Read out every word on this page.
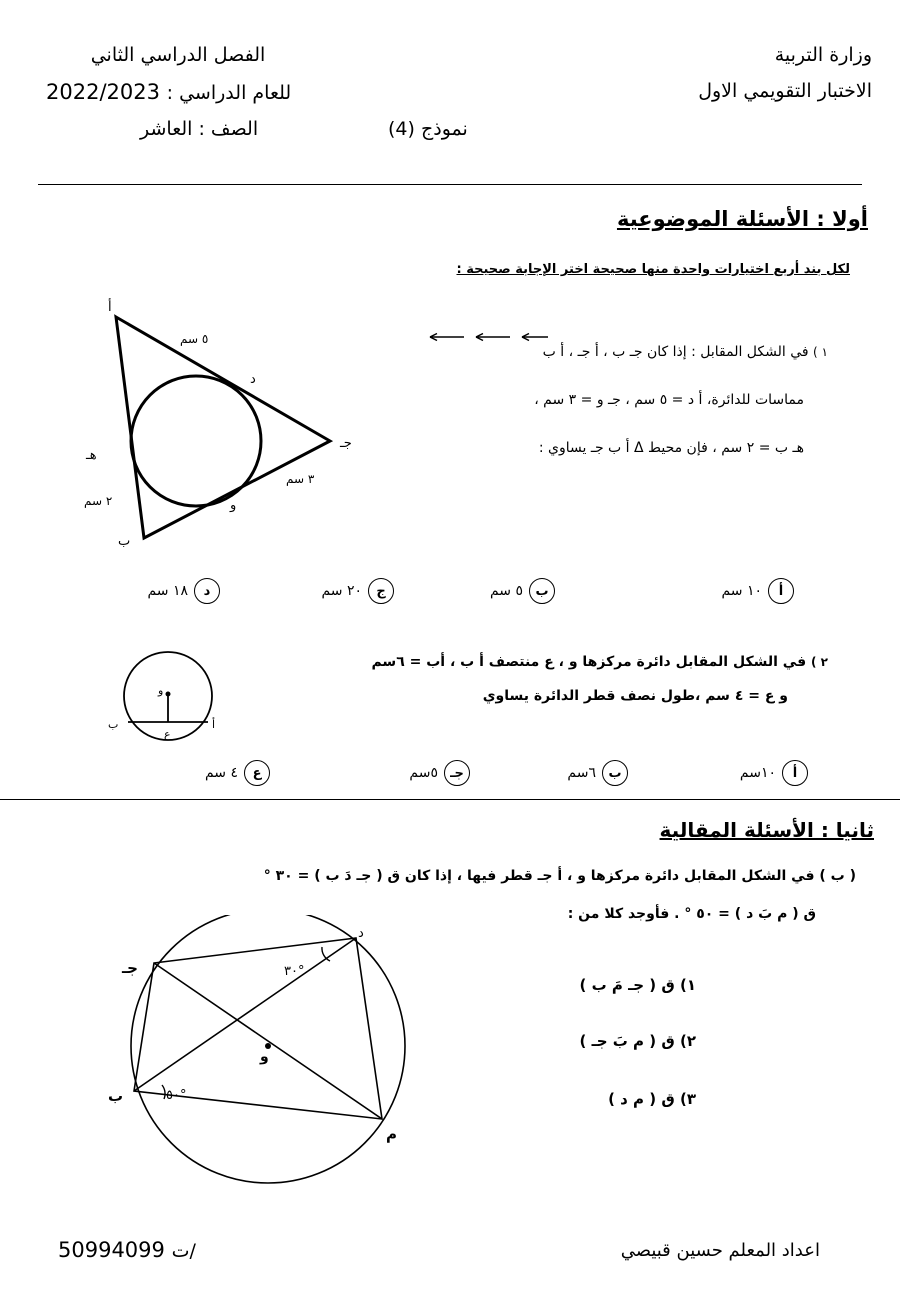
وزارة التربية
الاختبار التقويمي الاول
الفصل الدراسي الثاني
2022/2023 للعام الدراسي :
الصف : العاشر	نموذج (4)
أولا : الأسئلة الموضوعية
لكل بند أربع اختيارات واحدة منها صحيحة اختر الإجابة صحيحة :
١ ) في الشكل المقابل : إذا كان جـ ب ، أ جـ ، أ ب
مماسات للدائرة، أ د = ٥ سم ، جـ و = ٣ سم ،
هـ ب = ٢ سم ، فإن محيط Δ أ ب جـ يساوي :
أ
ب
جـ
د
هـ
و
٥ سم
٣ سم
٢ سم
أ
١٠ سم
ب
٥ سم
ج
٢٠ سم
د
١٨ سم
٢ ) في الشكل المقابل دائرة مركزها و ، ع منتصف أ ب ، أب = ٦سم
و ع = ٤ سم ،طول نصف قطر الدائرة يساوي
و
ع
أ
ب
أ
١٠سم
ب
٦سم
جـ
٥سم
ع
٤ سم
ثانيا : الأسئلة المقالية
( ب ) في الشكل المقابل دائرة مركزها و ، أ جـ قطر فيها ، إذا كان ق ( جـ دَ ب ) = ٣٠ °
ق ( م بَ د ) = ٥٠ ° . فأوجد كلا من :
١) ق ( جـ مَ ب )
٢) ق ( م بَ جـ )
٣) ق ( م د )
د
جـ
ب
م
و
٣٠°
٥٠°
اعداد المعلم حسين قبيصي
50994099 ت/
